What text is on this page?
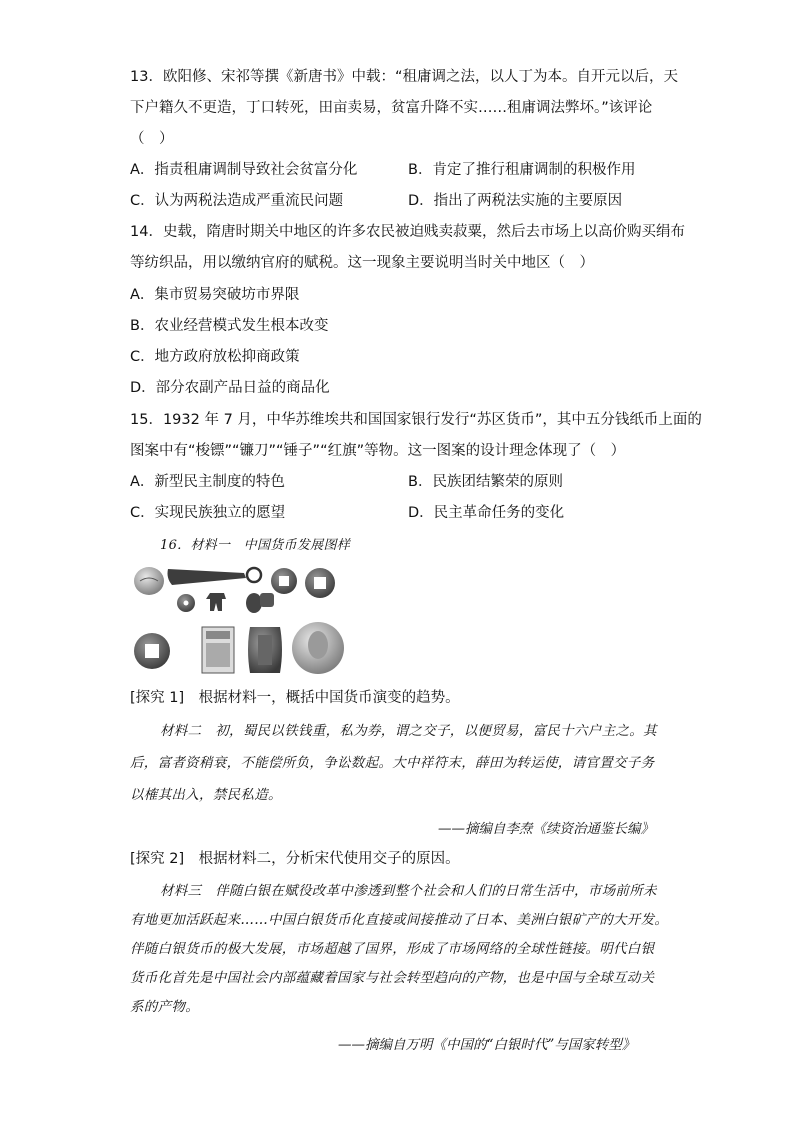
13．欧阳修、宋祁等撰《新唐书》中载：“租庸调之法，以人丁为本。自开元以后，天
下户籍久不更造，丁口转死，田亩卖易，贫富升降不实……租庸调法弊坏。”该评论
（　）
A．指责租庸调制导致社会贫富分化	B．肯定了推行租庸调制的积极作用
C．认为两税法造成严重流民问题	D．指出了两税法实施的主要原因
14．史载，隋唐时期关中地区的许多农民被迫贱卖菽粟，然后去市场上以高价购买绢布
等纺织品，用以缴纳官府的赋税。这一现象主要说明当时关中地区（　）
A．集市贸易突破坊市界限
B．农业经营模式发生根本改变
C．地方政府放松抑商政策
D．部分农副产品日益的商品化
15．1932 年 7 月，中华苏维埃共和国国家银行发行“苏区货币”，其中五分钱纸币上面的
图案中有“梭镖”“镰刀”“锤子”“红旗”等物。这一图案的设计理念体现了（　）
A．新型民主制度的特色	B．民族团结繁荣的原则
C．实现民族独立的愿望	D．民主革命任务的变化
16．材料一　中国货币发展图样
[探究 1]　根据材料一，概括中国货币演变的趋势。
材料二　初，蜀民以铁钱重，私为券，谓之交子，以便贸易，富民十六户主之。其
后，富者资稍衰，不能偿所负，争讼数起。大中祥符末，薛田为转运使，请官置交子务
以榷其出入，禁民私造。
——摘编自李焘《续资治通鉴长编》
[探究 2]　根据材料二，分析宋代使用交子的原因。
材料三　伴随白银在赋役改革中渗透到整个社会和人们的日常生活中，市场前所未
有地更加活跃起来……中国白银货币化直接或间接推动了日本、美洲白银矿产的大开发。
伴随白银货币的极大发展，市场超越了国界，形成了市场网络的全球性链接。明代白银
货币化首先是中国社会内部蕴藏着国家与社会转型趋向的产物，也是中国与全球互动关
系的产物。
——摘编自万明《中国的“白银时代”与国家转型》
